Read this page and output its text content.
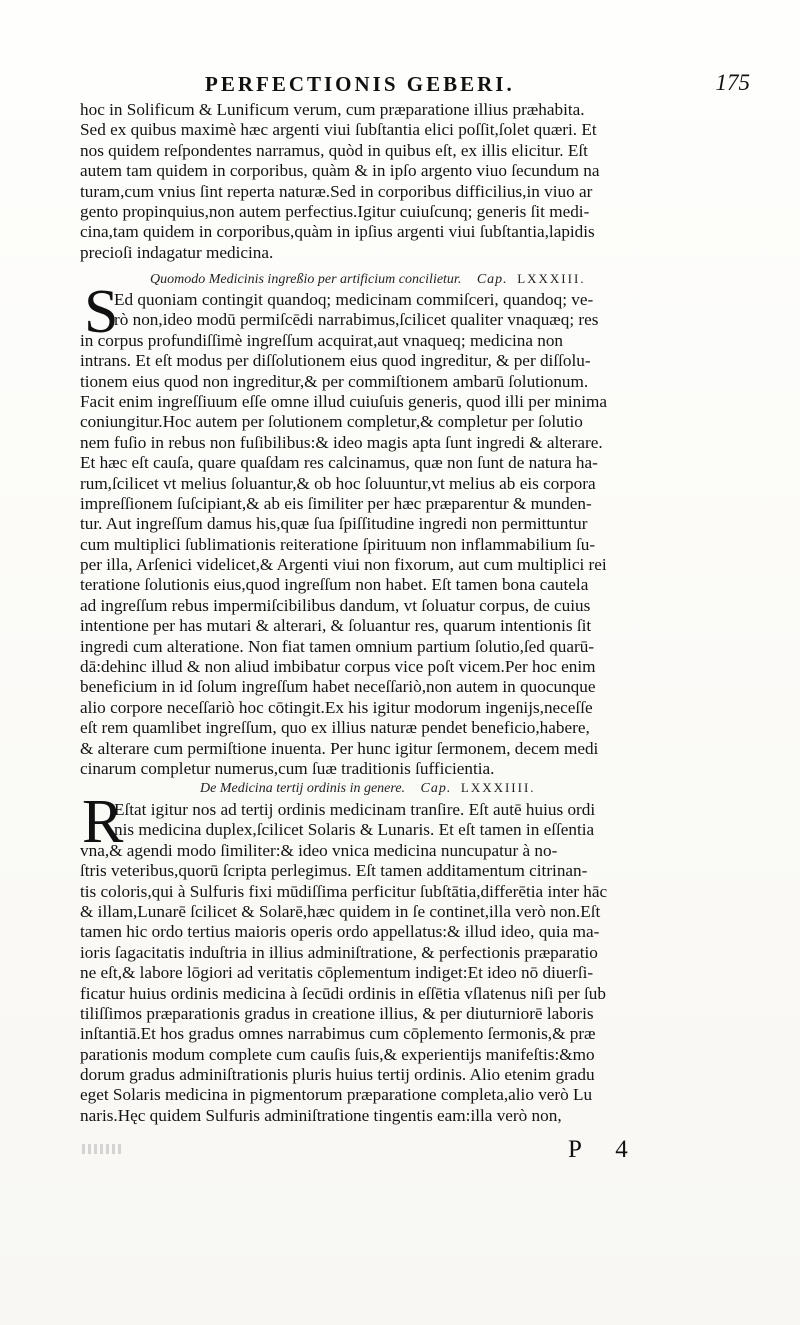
PERFECTIONIS GEBERI.	175
hoc in Solificum & Lunificum verum, cum præparatione illius præhabita.
Sed ex quibus maximè hæc argenti viui ſubſtantia elici poſſit,ſolet quæri. Et
nos quidem reſpondentes narramus, quòd in quibus eſt, ex illis elicitur. Eſt
autem tam quidem in corporibus, quàm & in ipſo argento viuo ſecundum na
turam,cum vnius ſint reperta naturæ.Sed in corporibus difficilius,in viuo ar
gento propinquius,non autem perfectius.Igitur cuiuſcunq; generis ſit medi-
cina,tam quidem in corporibus,quàm in ipſius argenti viui ſubſtantia,lapidis
precioſi indagatur medicina.
Quomodo Medicinis ingreßio per artificium concilietur. Cap. LXXXIII.
S
Ed quoniam contingit quandoq; medicinam commiſceri, quandoq; ve-
rò non,ideo modū permiſcēdi narrabimus,ſcilicet qualiter vnaquæq; res
in corpus profundiſſimè ingreſſum acquirat,aut vnaqueq; medicina non
intrans. Et eſt modus per diſſolutionem eius quod ingreditur, & per diſſolu-
tionem eius quod non ingreditur,& per commiſtionem ambarū ſolutionum.
Facit enim ingreſſiuum eſſe omne illud cuiuſuis generis, quod illi per minima
coniungitur.Hoc autem per ſolutionem completur,& completur per ſolutio
nem fuſio in rebus non fuſibilibus:& ideo magis apta ſunt ingredi & alterare.
Et hæc eſt cauſa, quare quaſdam res calcinamus, quæ non ſunt de natura ha-
rum,ſcilicet vt melius ſoluantur,& ob hoc ſoluuntur,vt melius ab eis corpora
impreſſionem ſuſcipiant,& ab eis ſimiliter per hæc præparentur & munden-
tur. Aut ingreſſum damus his,quæ ſua ſpiſſitudine ingredi non permittuntur
cum multiplici ſublimationis reiteratione ſpirituum non inflammabilium ſu-
per illa, Arſenici videlicet,& Argenti viui non fixorum, aut cum multiplici rei
teratione ſolutionis eius,quod ingreſſum non habet. Eſt tamen bona cautela
ad ingreſſum rebus impermiſcibilibus dandum, vt ſoluatur corpus, de cuius
intentione per has mutari & alterari, & ſoluantur res, quarum intentionis ſit
ingredi cum alteratione. Non fiat tamen omnium partium ſolutio,ſed quarū-
dā:dehinc illud & non aliud imbibatur corpus vice poſt vicem.Per hoc enim
beneficium in id ſolum ingreſſum habet neceſſariò,non autem in quocunque
alio corpore neceſſariò hoc cōtingit.Ex his igitur modorum ingenijs,neceſſe
eſt rem quamlibet ingreſſum, quo ex illius naturæ pendet beneficio,habere,
& alterare cum permiſtione inuenta. Per hunc igitur ſermonem, decem medi
cinarum completur numerus,cum ſuæ traditionis ſufficientia.
De Medicina tertij ordinis in genere. Cap. LXXXIIII.
R
Eſtat igitur nos ad tertij ordinis medicinam tranſire. Eſt autē huius ordi
nis medicina duplex,ſcilicet Solaris & Lunaris. Et eſt tamen in eſſentia
vna,& agendi modo ſimiliter:& ideo vnica medicina nuncupatur à no-
ſtris veteribus,quorū ſcripta perlegimus. Eſt tamen additamentum citrinan-
tis coloris,qui à Sulfuris fixi mūdiſſima perficitur ſubſtātia,differētia inter hāc
& illam,Lunarē ſcilicet & Solarē,hæc quidem in ſe continet,illa verò non.Eſt
tamen hic ordo tertius maioris operis ordo appellatus:& illud ideo, quia ma-
ioris ſagacitatis induſtria in illius adminiſtratione, & perfectionis præparatio
ne eſt,& labore lōgiori ad veritatis cōplementum indiget:Et ideo nō diuerſi-
ficatur huius ordinis medicina à ſecūdi ordinis in eſſētia vſlatenus niſi per ſub
tiliſſimos præparationis gradus in creatione illius, & per diuturniorē laboris
inſtantiā.Et hos gradus omnes narrabimus cum cōplemento ſermonis,& præ
parationis modum complete cum cauſis ſuis,& experientijs manifeſtis:&mo
dorum gradus adminiſtrationis pluris huius tertij ordinis. Alio etenim gradu
eget Solaris medicina in pigmentorum præparatione completa,alio verò Lu
naris.Hęc quidem Sulfuris adminiſtratione tingentis eam:illa verò non,
P 4
